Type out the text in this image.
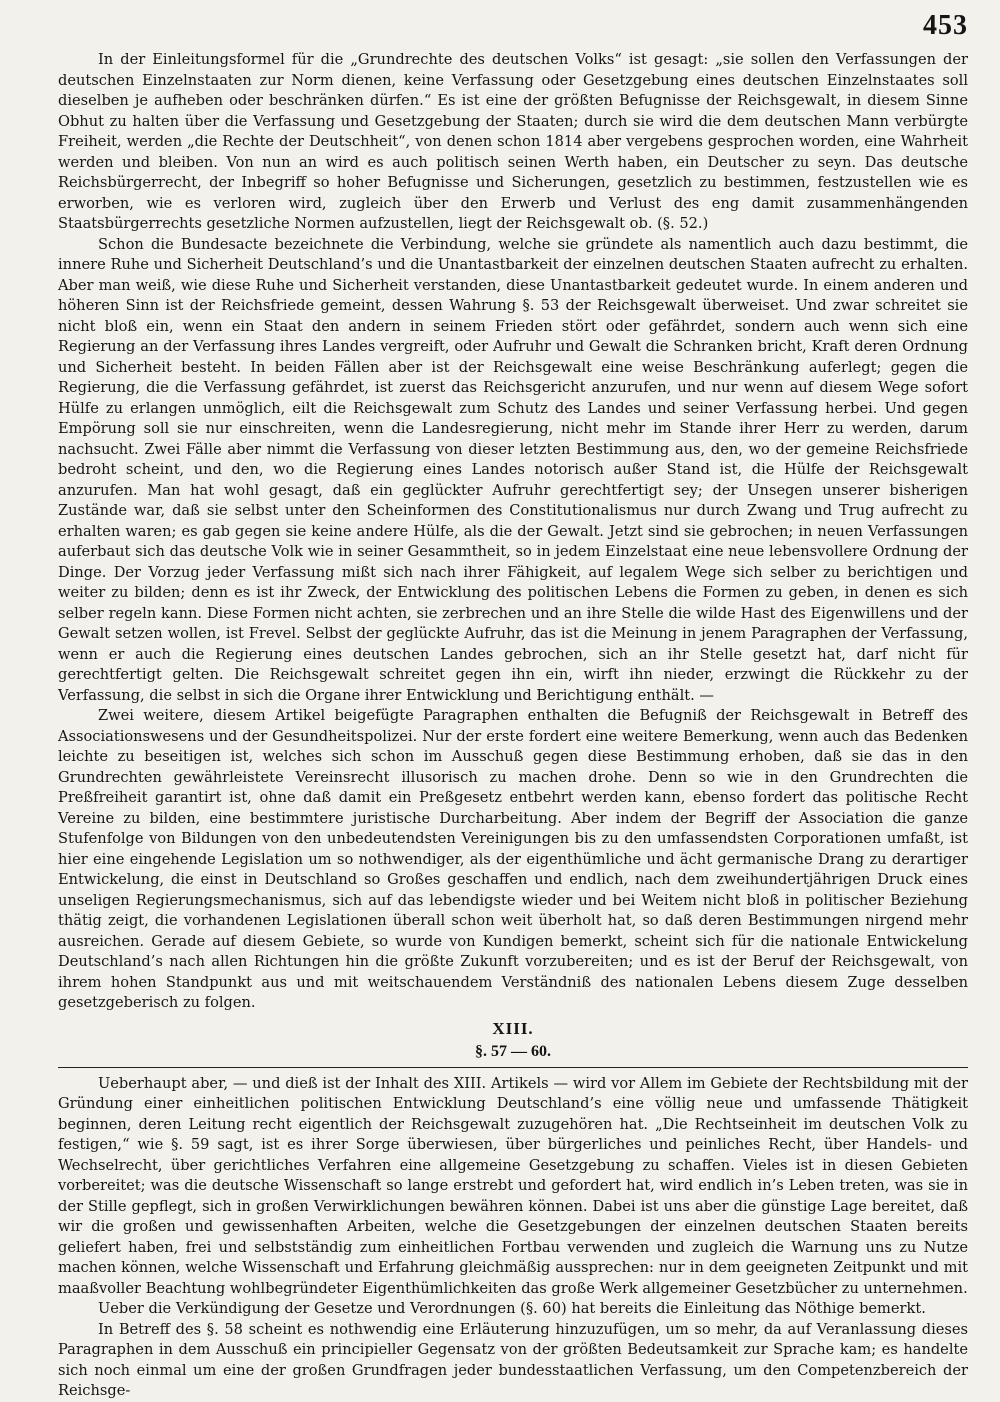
453

In der Einleitungsformel für die „Grundrechte des deutschen Volks“ ist gesagt: „sie sollen den Verfassungen der deutschen Einzelnstaaten zur Norm dienen, keine Verfassung oder Gesetzgebung eines deutschen Einzelnstaates soll dieselben je aufheben oder beschränken dürfen.“ Es ist eine der größten Befugnisse der Reichsgewalt, in diesem Sinne Obhut zu halten über die Verfassung und Gesetzgebung der Staaten; durch sie wird die dem deutschen Mann verbürgte Freiheit, werden „die Rechte der Deutschheit“, von denen schon 1814 aber vergebens gesprochen worden, eine Wahrheit werden und bleiben. Von nun an wird es auch politisch seinen Werth haben, ein Deutscher zu seyn. Das deutsche Reichsbürgerrecht, der Inbegriff so hoher Befugnisse und Sicherungen, gesetzlich zu bestimmen, festzustellen wie es erworben, wie es verloren wird, zugleich über den Erwerb und Verlust des eng damit zusammenhängenden Staatsbürgerrechts gesetzliche Normen aufzustellen, liegt der Reichsgewalt ob. (§. 52.)

Schon die Bundesacte bezeichnete die Verbindung, welche sie gründete als namentlich auch dazu bestimmt, die innere Ruhe und Sicherheit Deutschland’s und die Unantastbarkeit der einzelnen deutschen Staaten aufrecht zu erhalten. Aber man weiß, wie diese Ruhe und Sicherheit verstanden, diese Unantastbarkeit gedeutet wurde. In einem anderen und höheren Sinn ist der Reichsfriede gemeint, dessen Wahrung §. 53 der Reichsgewalt überweiset. Und zwar schreitet sie nicht bloß ein, wenn ein Staat den andern in seinem Frieden stört oder gefährdet, sondern auch wenn sich eine Regierung an der Verfassung ihres Landes vergreift, oder Aufruhr und Gewalt die Schranken bricht, Kraft deren Ordnung und Sicherheit besteht. In beiden Fällen aber ist der Reichsgewalt eine weise Beschränkung auferlegt; gegen die Regierung, die die Verfassung gefährdet, ist zuerst das Reichsgericht anzurufen, und nur wenn auf diesem Wege sofort Hülfe zu erlangen unmöglich, eilt die Reichsgewalt zum Schutz des Landes und seiner Verfassung herbei. Und gegen Empörung soll sie nur einschreiten, wenn die Landesregierung, nicht mehr im Stande ihrer Herr zu werden, darum nachsucht. Zwei Fälle aber nimmt die Verfassung von dieser letzten Bestimmung aus, den, wo der gemeine Reichsfriede bedroht scheint, und den, wo die Regierung eines Landes notorisch außer Stand ist, die Hülfe der Reichsgewalt anzurufen. Man hat wohl gesagt, daß ein geglückter Aufruhr gerechtfertigt sey; der Unsegen unserer bisherigen Zustände war, daß sie selbst unter den Scheinformen des Constitutionalismus nur durch Zwang und Trug aufrecht zu erhalten waren; es gab gegen sie keine andere Hülfe, als die der Gewalt. Jetzt sind sie gebrochen; in neuen Verfassungen auferbaut sich das deutsche Volk wie in seiner Gesammtheit, so in jedem Einzelstaat eine neue lebensvollere Ordnung der Dinge. Der Vorzug jeder Verfassung mißt sich nach ihrer Fähigkeit, auf legalem Wege sich selber zu berichtigen und weiter zu bilden; denn es ist ihr Zweck, der Entwicklung des politischen Lebens die Formen zu geben, in denen es sich selber regeln kann. Diese Formen nicht achten, sie zerbrechen und an ihre Stelle die wilde Hast des Eigenwillens und der Gewalt setzen wollen, ist Frevel. Selbst der geglückte Aufruhr, das ist die Meinung in jenem Paragraphen der Verfassung, wenn er auch die Regierung eines deutschen Landes gebrochen, sich an ihr Stelle gesetzt hat, darf nicht für gerechtfertigt gelten. Die Reichsgewalt schreitet gegen ihn ein, wirft ihn nieder, erzwingt die Rückkehr zu der Verfassung, die selbst in sich die Organe ihrer Entwicklung und Berichtigung enthält. —

Zwei weitere, diesem Artikel beigefügte Paragraphen enthalten die Befugniß der Reichsgewalt in Betreff des Associationswesens und der Gesundheitspolizei. Nur der erste fordert eine weitere Bemerkung, wenn auch das Bedenken leichte zu beseitigen ist, welches sich schon im Ausschuß gegen diese Bestimmung erhoben, daß sie das in den Grundrechten gewährleistete Vereinsrecht illusorisch zu machen drohe. Denn so wie in den Grundrechten die Preßfreiheit garantirt ist, ohne daß damit ein Preßgesetz entbehrt werden kann, ebenso fordert das politische Recht Vereine zu bilden, eine bestimmtere juristische Durcharbeitung. Aber indem der Begriff der Association die ganze Stufenfolge von Bildungen von den unbedeutendsten Vereinigungen bis zu den umfassendsten Corporationen umfaßt, ist hier eine eingehende Legislation um so nothwendiger, als der eigenthümliche und ächt germanische Drang zu derartiger Entwickelung, die einst in Deutschland so Großes geschaffen und endlich, nach dem zweihundertjährigen Druck eines unseligen Regierungsmechanismus, sich auf das lebendigste wieder und bei Weitem nicht bloß in politischer Beziehung thätig zeigt, die vorhandenen Legislationen überall schon weit überholt hat, so daß deren Bestimmungen nirgend mehr ausreichen. Gerade auf diesem Gebiete, so wurde von Kundigen bemerkt, scheint sich für die nationale Entwickelung Deutschland’s nach allen Richtungen hin die größte Zukunft vorzubereiten; und es ist der Beruf der Reichsgewalt, von ihrem hohen Standpunkt aus und mit weitschauendem Verständniß des nationalen Lebens diesem Zuge desselben gesetzgeberisch zu folgen.

XIII.
§. 57 — 60.

Ueberhaupt aber, — und dieß ist der Inhalt des XIII. Artikels — wird vor Allem im Gebiete der Rechtsbildung mit der Gründung einer einheitlichen politischen Entwicklung Deutschland’s eine völlig neue und umfassende Thätigkeit beginnen, deren Leitung recht eigentlich der Reichsgewalt zuzugehören hat. „Die Rechtseinheit im deutschen Volk zu festigen,“ wie §. 59 sagt, ist es ihrer Sorge überwiesen, über bürgerliches und peinliches Recht, über Handels- und Wechselrecht, über gerichtliches Verfahren eine allgemeine Gesetzgebung zu schaffen. Vieles ist in diesen Gebieten vorbereitet; was die deutsche Wissenschaft so lange erstrebt und gefordert hat, wird endlich in’s Leben treten, was sie in der Stille gepflegt, sich in großen Verwirklichungen bewähren können. Dabei ist uns aber die günstige Lage bereitet, daß wir die großen und gewissenhaften Arbeiten, welche die Gesetzgebungen der einzelnen deutschen Staaten bereits geliefert haben, frei und selbstständig zum einheitlichen Fortbau verwenden und zugleich die Warnung uns zu Nutze machen können, welche Wissenschaft und Erfahrung gleichmäßig aussprechen: nur in dem geeigneten Zeitpunkt und mit maaßvoller Beachtung wohlbegründeter Eigenthümlichkeiten das große Werk allgemeiner Gesetzbücher zu unternehmen.

Ueber die Verkündigung der Gesetze und Verordnungen (§. 60) hat bereits die Einleitung das Nöthige bemerkt.

In Betreff des §. 58 scheint es nothwendig eine Erläuterung hinzuzufügen, um so mehr, da auf Veranlassung dieses Paragraphen in dem Ausschuß ein principieller Gegensatz von der größten Bedeutsamkeit zur Sprache kam; es handelte sich noch einmal um eine der großen Grundfragen jeder bundesstaatlichen Verfassung, um den Competenzbereich der Reichsge-
